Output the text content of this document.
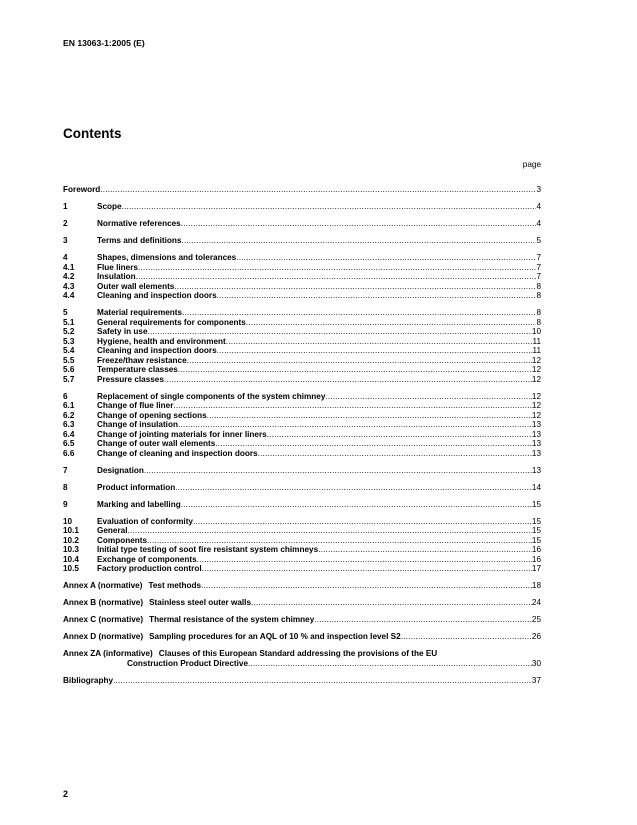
EN 13063-1:2005 (E)
Contents
page
Foreword .....	3
1	Scope .....	4
2	Normative references .....	4
3	Terms and definitions .....	5
4	Shapes, dimensions and tolerances .....	7
4.1	Flue liners .....	7
4.2	Insulation .....	7
4.3	Outer wall elements .....	8
4.4	Cleaning and inspection doors .....	8
5	Material requirements .....	8
5.1	General requirements for components .....	8
5.2	Safety in use .....	10
5.3	Hygiene, health and environment .....	11
5.4	Cleaning and inspection doors .....	11
5.5	Freeze/thaw resistance .....	12
5.6	Temperature classes .....	12
5.7	Pressure classes .....	12
6	Replacement of single components of the system chimney .....	12
6.1	Change of flue liner .....	12
6.2	Change of opening sections .....	12
6.3	Change of insulation .....	13
6.4	Change of jointing materials for inner liners .....	13
6.5	Change of outer wall elements .....	13
6.6	Change of cleaning and inspection doors .....	13
7	Designation .....	13
8	Product information .....	14
9	Marking and labelling .....	15
10	Evaluation of conformity .....	15
10.1	General .....	15
10.2	Components .....	15
10.3	Initial type testing of soot fire resistant system chimneys .....	16
10.4	Exchange of components .....	16
10.5	Factory production control .....	17
Annex A (normative) Test methods .....	18
Annex B (normative) Stainless steel outer walls .....	24
Annex C (normative) Thermal resistance of the system chimney .....	25
Annex D (normative) Sampling procedures for an AQL of 10 % and inspection level S2 .....	26
Annex ZA (informative) Clauses of this European Standard addressing the provisions of the EU
Construction Product Directive .....	30
Bibliography .....	37
2
